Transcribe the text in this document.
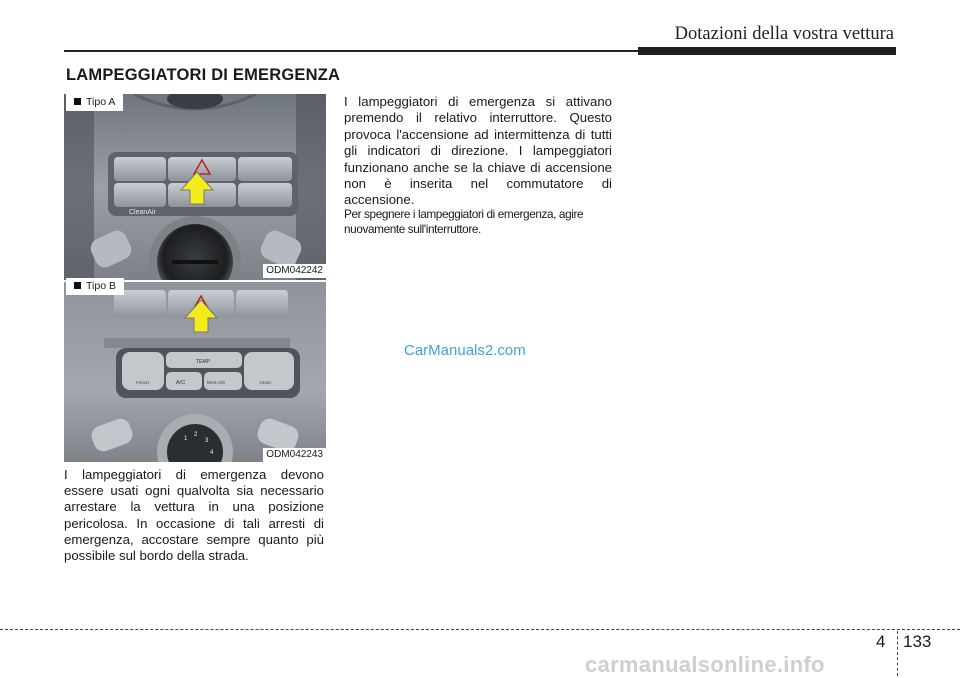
Dotazioni della vostra vettura
LAMPEGGIATORI DI EMERGENZA
CleanAir
Tipo A
ODM042242
TEMP
A/C	MAX A/C
FRONT	REAR
2
1	3
4
Tipo B
ODM042243
I lampeggiatori di emergenza devono essere usati ogni qualvolta sia necessario arrestare la vettura in una posizione pericolosa. In occasione di tali arresti di emergenza, accostare sempre quanto più possibile sul bordo della strada.
I lampeggiatori di emergenza si attivano premendo il relativo interruttore. Questo provoca l'accensione ad intermittenza di tutti gli indicatori di direzione. I lampeggiatori funzionano anche se la chiave di accensione non è inserita nel commutatore di accensione.
Per spegnere i lampeggiatori di emergenza, agire nuovamente sull'interruttore.
CarManuals2.com
4 133
carmanualsonline.info
